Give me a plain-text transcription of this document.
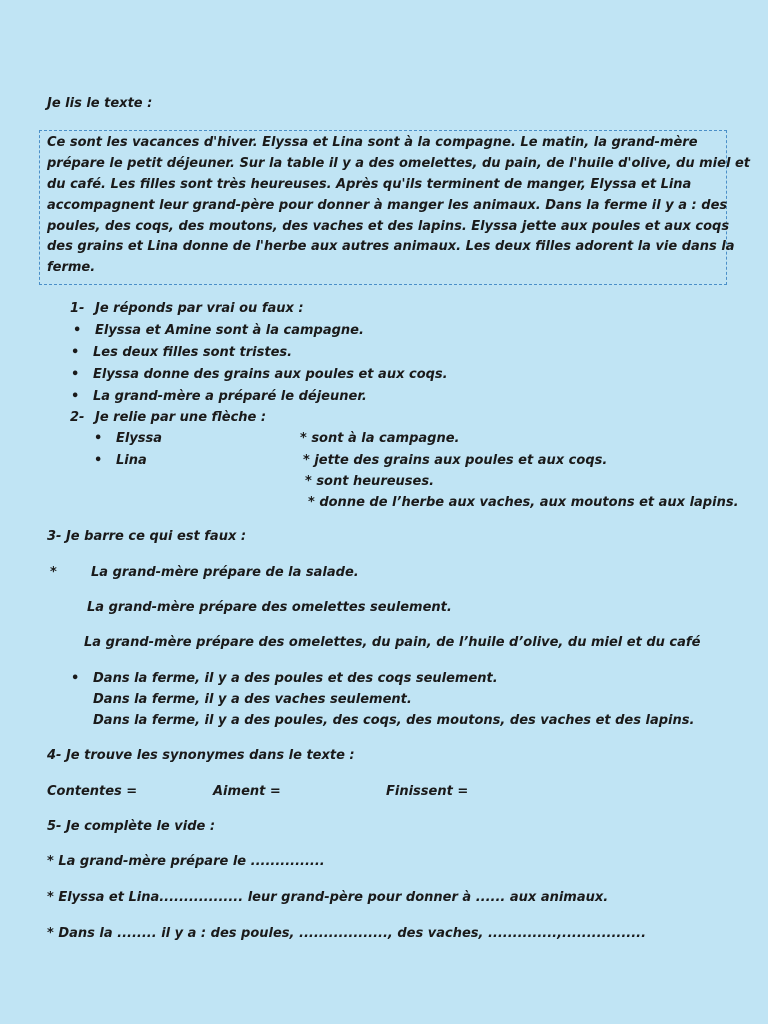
Je lis le texte :
Ce sont les vacances d'hiver. Elyssa et Lina sont à la compagne. Le matin, la grand-mère
prépare le petit déjeuner. Sur la table il y a des omelettes, du pain, de l'huile d'olive, du miel et
du café. Les filles sont très heureuses. Après qu'ils terminent de manger, Elyssa et Lina
accompagnent leur grand-père pour donner à manger les animaux. Dans la ferme il y a : des
poules, des coqs, des moutons, des vaches et des lapins. Elyssa jette aux poules et aux coqs
des grains et Lina donne de l'herbe aux autres animaux. Les deux filles adorent la vie dans la
ferme.
1- Je réponds par vrai ou faux :
• Elyssa et Amine sont à la campagne.
• Les deux filles sont tristes.
• Elyssa donne des grains aux poules et aux coqs.
• La grand-mère a préparé le déjeuner.
2- Je relie par une flèche :
• Elyssa
• Lina
* sont à la campagne.
* jette des grains aux poules et aux coqs.
* sont heureuses.
* donne de l’herbe aux vaches, aux moutons et aux lapins.
3- Je barre ce qui est faux :
*	La grand-mère prépare de la salade.
La grand-mère prépare des omelettes seulement.
La grand-mère prépare des omelettes, du pain, de l’huile d’olive, du miel et du café
• Dans la ferme, il y a des poules et des coqs seulement.
Dans la ferme, il y a des vaches seulement.
Dans la ferme, il y a des poules, des coqs, des moutons, des vaches et des lapins.
4- Je trouve les synonymes dans le texte :
Contentes =	Aiment =	Finissent =
5- Je complète le vide :
* La grand-mère prépare le ...............
* Elyssa et Lina................. leur grand-père pour donner à ...... aux animaux.
* Dans la ........ il y a : des poules, .................., des vaches, ..............,.................
